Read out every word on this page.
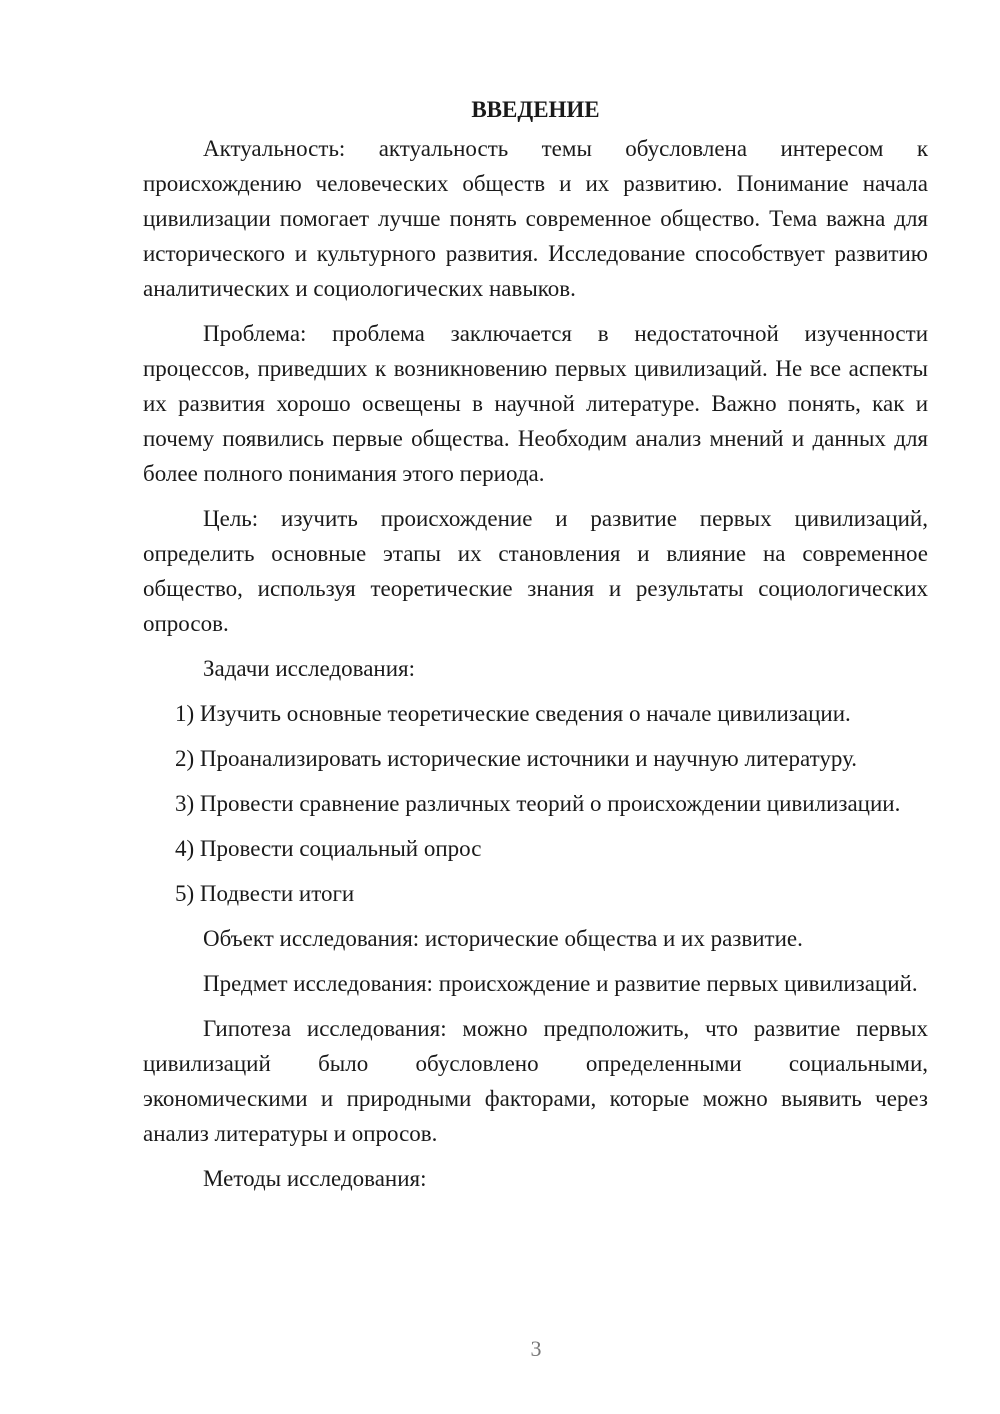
ВВЕДЕНИЕ

Актуальность: актуальность темы обусловлена интересом к происхождению человеческих обществ и их развитию. Понимание начала цивилизации помогает лучше понять современное общество. Тема важна для исторического и культурного развития. Исследование способствует развитию аналитических и социологических навыков.

Проблема: проблема заключается в недостаточной изученности процессов, приведших к возникновению первых цивилизаций. Не все аспекты их развития хорошо освещены в научной литературе. Важно понять, как и почему появились первые общества. Необходим анализ мнений и данных для более полного понимания этого периода.

Цель: изучить происхождение и развитие первых цивилизаций, определить основные этапы их становления и влияние на современное общество, используя теоретические знания и результаты социологических опросов.

Задачи исследования:

1) Изучить основные теоретические сведения о начале цивилизации.

2) Проанализировать исторические источники и научную литературу.

3) Провести сравнение различных теорий о происхождении цивилизации.

4) Провести социальный опрос

5) Подвести итоги

Объект исследования: исторические общества и их развитие.

Предмет исследования: происхождение и развитие первых цивилизаций.

Гипотеза исследования: можно предположить, что развитие первых цивилизаций было обусловлено определенными социальными, экономическими и природными факторами, которые можно выявить через анализ литературы и опросов.

Методы исследования:

3
